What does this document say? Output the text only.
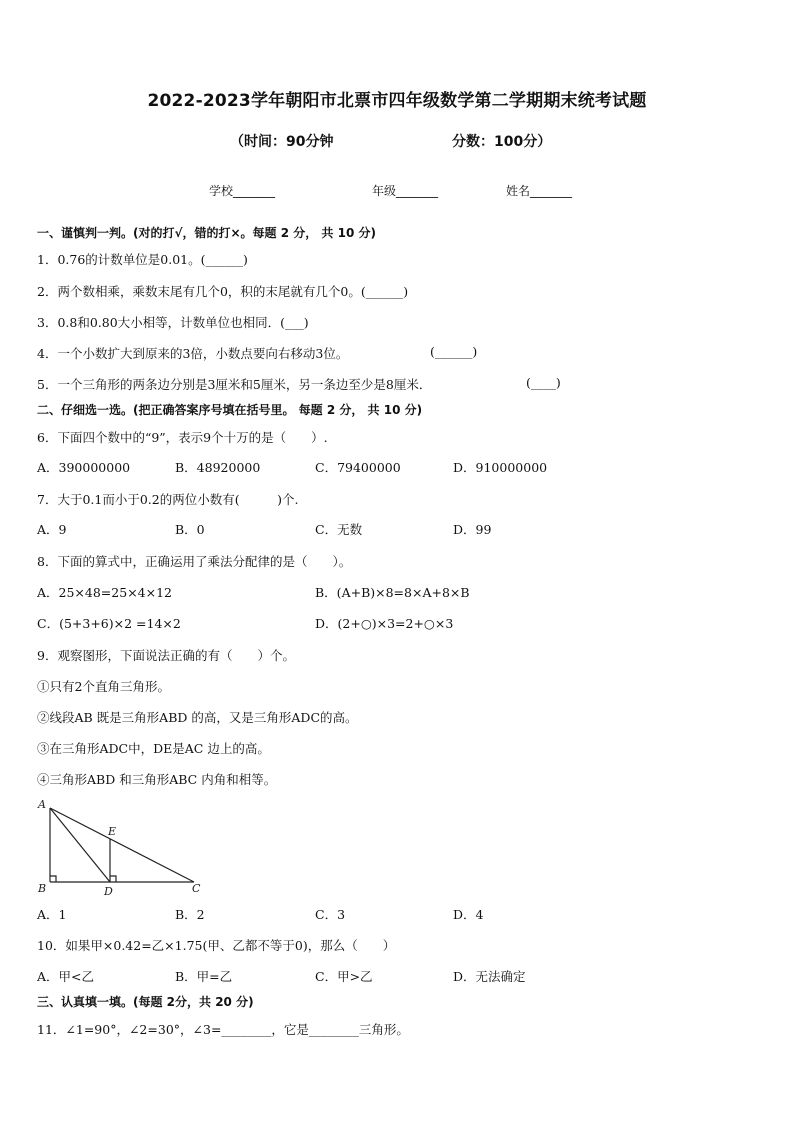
2022-2023学年朝阳市北票市四年级数学第二学期期末统考试题
（时间：90分钟	分数：100分）
学校_______	年级_______	姓名_______
一、谨慎判一判。(对的打√，错的打×。每题 2 分， 共 10 分)
1．0.76的计数单位是0.01。(______)
2．两个数相乘，乘数末尾有几个0，积的末尾就有几个0。(______)
3．0.8和0.80大小相等，计数单位也相同．(___)
4．一个小数扩大到原来的3倍，小数点要向右移动3位。	(______)
5．一个三角形的两条边分别是3厘米和5厘米，另一条边至少是8厘米．	(____)
二、仔细选一选。(把正确答案序号填在括号里。 每题 2 分， 共 10 分)
6．下面四个数中的“9”，表示9个十万的是（　　）.
A．390000000	B．48920000	C．79400000	D．910000000
7．大于0.1而小于0.2的两位小数有(　　　)个.
A．9	B．0	C．无数	D．99
8．下面的算式中，正确运用了乘法分配律的是（　　）。
A．25×48=25×4×12	B．(A+B)×8=8×A+8×B
C．(5+3+6)×2 =14×2	D．(2+○)×3=2+○×3
9．观察图形，下面说法正确的有（　　）个。
①只有2个直角三角形。
②线段AB 既是三角形ABD 的高，又是三角形ADC的高。
③在三角形ADC中，DE是AC 边上的高。
④三角形ABD 和三角形ABC 内角和相等。
A
B	C
D
E
A．1	B．2	C．3	D．4
10．如果甲×0.42=乙×1.75(甲、乙都不等于0)，那么（　　）
A．甲<乙	B．甲=乙	C．甲>乙	D．无法确定
三、认真填一填。(每题 2分，共 20 分)
11．∠1=90°，∠2=30°，∠3=________，它是________三角形。
